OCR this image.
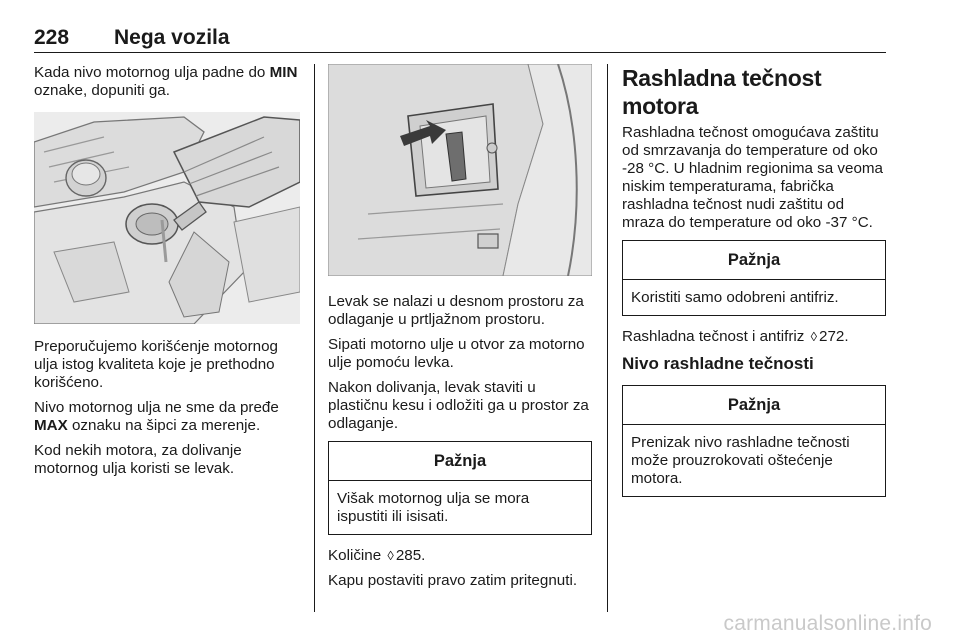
228 Nega vozila

Kada nivo motornog ulja padne do MIN oznake, dopuniti ga.

Preporučujemo korišćenje motornog ulja istog kvaliteta koje je prethodno korišćeno.

Nivo motornog ulja ne sme da pređe MAX oznaku na šipci za merenje.

Kod nekih motora, za dolivanje motornog ulja koristi se levak.

Levak se nalazi u desnom prostoru za odlaganje u prtljažnom prostoru.

Sipati motorno ulje u otvor za motorno ulje pomoću levka.

Nakon dolivanja, levak staviti u plastičnu kesu i odložiti ga u prostor za odlaganje.

Pažnja
Višak motornog ulja se mora ispustiti ili isisati.

Količine ◊ 285.

Kapu postaviti pravo zatim pritegnuti.

Rashladna tečnost motora

Rashladna tečnost omogućava zaštitu od smrzavanja do temperature od oko -28 °C. U hladnim regionima sa veoma niskim temperaturama, fabrička rashladna tečnost nudi zaštitu od mraza do temperature od oko -37 °C.

Pažnja
Koristiti samo odobreni antifriz.

Rashladna tečnost i antifriz ◊ 272.

Nivo rashladne tečnosti
Pažnja
Prenizak nivo rashladne tečnosti može prouzrokovati oštećenje motora.
carmanualsonline.info
